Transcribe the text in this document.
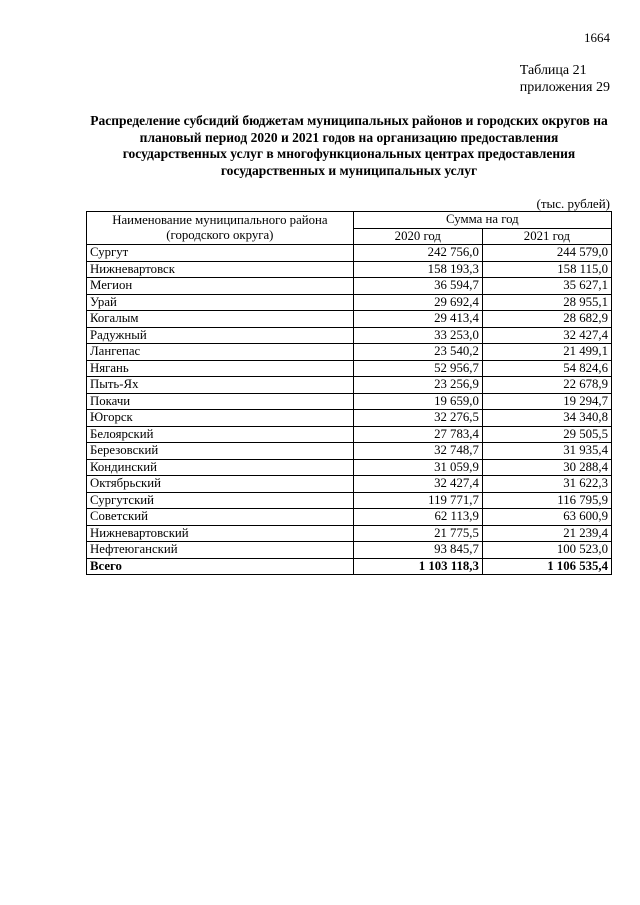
1664
Таблица 21
приложения 29
Распределение субсидий бюджетам муниципальных районов и городских округов на плановый период 2020 и 2021 годов на организацию предоставления государственных услуг в многофункциональных центрах предоставления государственных и муниципальных услуг
(тыс. рублей)
Наименование муниципального района
(городского округа)	Сумма на год	
	2020 год	2021 год
Сургут	242 756,0	244 579,0
Нижневартовск	158 193,3	158 115,0
Мегион	36 594,7	35 627,1
Урай	29 692,4	28 955,1
Когалым	29 413,4	28 682,9
Радужный	33 253,0	32 427,4
Лангепас	23 540,2	21 499,1
Нягань	52 956,7	54 824,6
Пыть-Ях	23 256,9	22 678,9
Покачи	19 659,0	19 294,7
Югорск	32 276,5	34 340,8
Белоярский	27 783,4	29 505,5
Березовский	32 748,7	31 935,4
Кондинский	31 059,9	30 288,4
Октябрьский	32 427,4	31 622,3
Сургутский	119 771,7	116 795,9
Советский	62 113,9	63 600,9
Нижневартовский	21 775,5	21 239,4
Нефтеюганский	93 845,7	100 523,0
Всего	1 103 118,3	1 106 535,4
